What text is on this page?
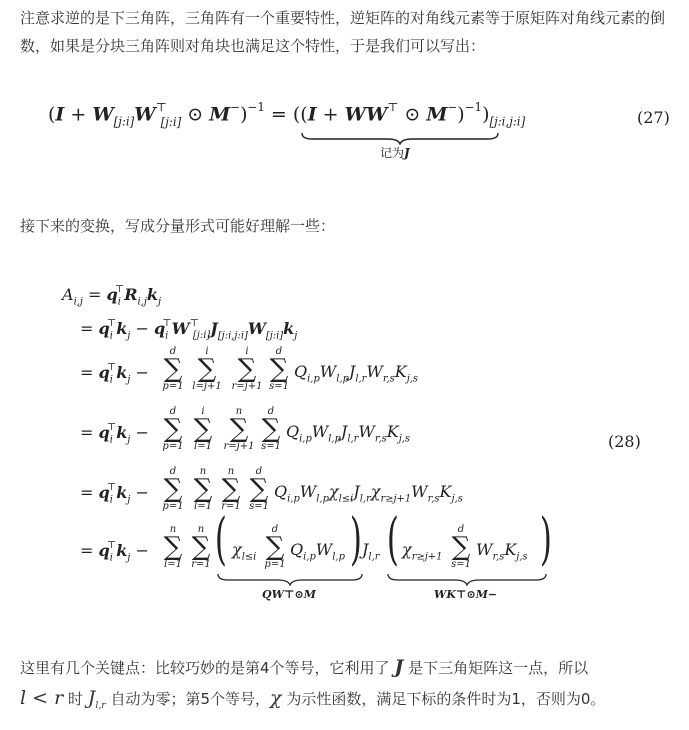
注意求逆的是下三角阵，三角阵有一个重要特性，逆矩阵的对角线元素等于原矩阵对角线元素的倒数，如果是分块三角阵则对角块也满足这个特性，于是我们可以写出：
($I + W_{[j:i]}W^⊤_{[j:i]}$ ⊙ M−)$^{-1}$ = ((I + WW⊤ ⊙ $M^-)^{-1})_{[j:i,j:i]}$
记为J
(27)
接下来的变换，写成分量形式可能好理解一些：
$A_{i,j} = q_i^⊤R_{i,j}k_j$
= $q_i^⊤k_j - q_i^⊤W^⊤_{[j:i]}J_{[j:i,j:i]}W_{[j:i]}k_j$
= $q_i^⊤k_j$ −
d
∑
p=1
i
∑
l=j+1
i
∑
r=j+1
d
∑
s=1
$Q_{i,p}W_{l,p}J_{l,r}W_{r,s}K_{j,s}$
= $q_i^⊤k_j$ −
d
∑
p=1
i
∑
l=1
n
∑
r=j+1
d
∑
s=1
$Q_{i,p}W_{l,p}J_{l,r}W_{r,s}K_{j,s}$	(28)
= $q_i^⊤k_j$ −
d
∑
p=1
n
∑
l=1
n
∑
r=1
d
∑
s=1
$Q_{i,p}W_{l,p}\chi_{l\le i}J_{l,r}\chi_{r\ge j+1}W_{r,s}K_{j,s}$
= $q_i^⊤k_j$ −
n
∑
l=1
n
∑
r=1 ( $\chi_{l\le i}$
d
∑
p=1
$Q_{i,p}W_{l,p}$ ) $J_{l,r}$ ( $\chi_{r\ge j+1}$
d
∑
s=1
$W_{r,s}K_{j,s}$ )
QW⊤⊙M	WK⊤⊙M−
这里有几个关键点：比较巧妙的是第4个等号，它利用了 J 是下三角矩阵这一点，所以
l < r 时 $J_{l,r}$ 自动为零；第5个等号，χ 为示性函数，满足下标的条件时为1，否则为0。
